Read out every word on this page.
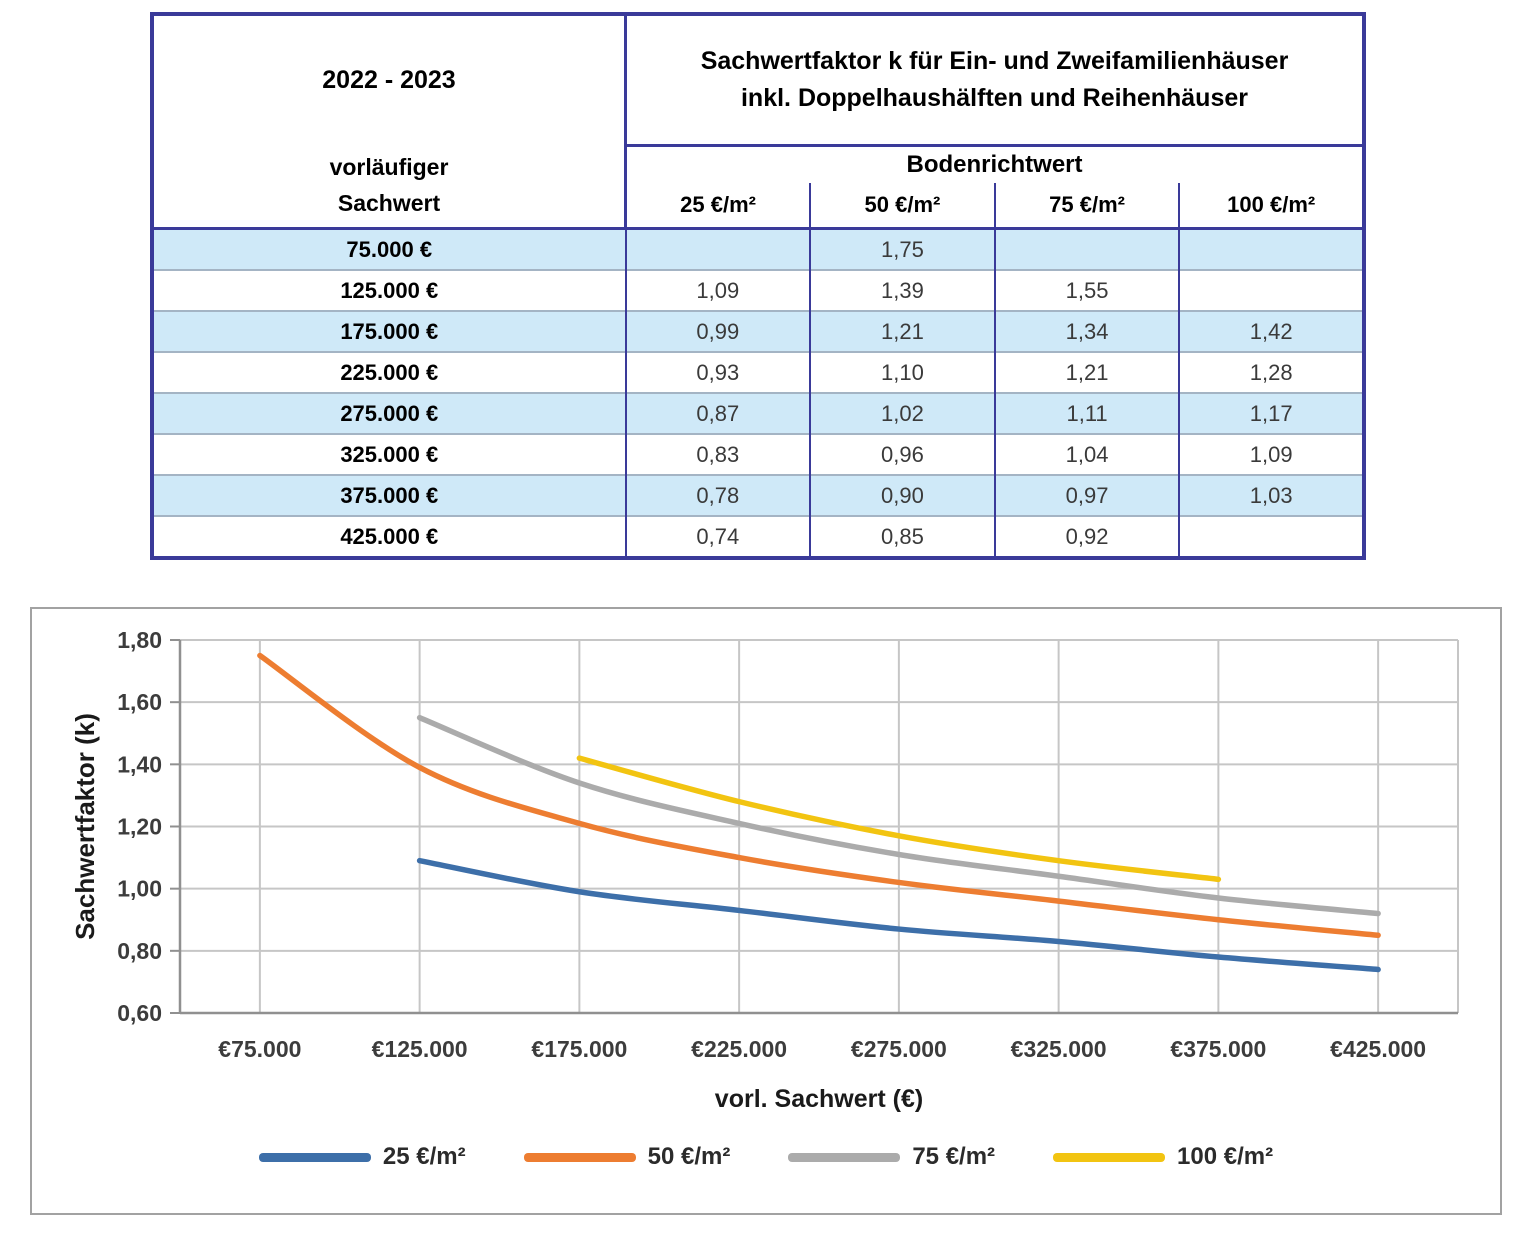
2022 - 2023
vorläufiger
Sachwert

Sachwertfaktor k für Ein- und Zweifamilienhäuser
inkl. Doppelhaushälften und Reihenhäuser

	Bodenrichtwert			
	25 €/m²	50 €/m²	75 €/m²	100 €/m²
75.000 €		1,75		
125.000 €	1,09	1,39	1,55	
175.000 €	0,99	1,21	1,34	1,42
225.000 €	0,93	1,10	1,21	1,28
275.000 €	0,87	1,02	1,11	1,17
325.000 €	0,83	0,96	1,04	1,09
375.000 €	0,78	0,90	0,97	1,03
425.000 €	0,74	0,85	0,92	
0,60
0,80
1,00
1,20
1,40
1,60
1,80
€75.000	€125.000	€175.000	€225.000	€275.000	€325.000	€375.000	€425.000
vorl. Sachwert (€)
Sachwertfaktor (k)
25 €/m²	50 €/m²	75 €/m²	100 €/m²
